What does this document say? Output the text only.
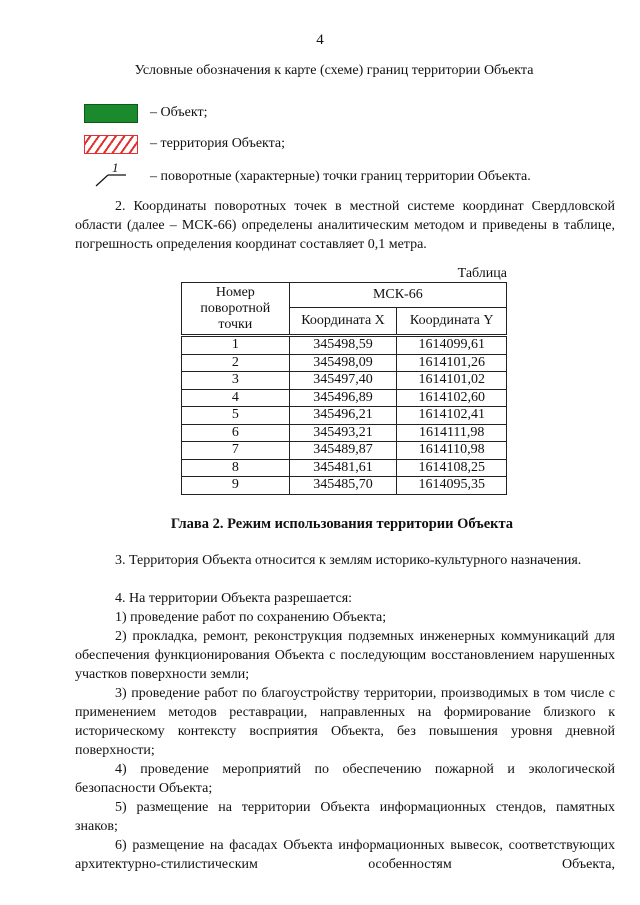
4
Условные обозначения к карте (схеме) границ территории Объекта
– Объект;
– территория Объекта;
1
– поворотные (характерные) точки границ территории Объекта.
2. Координаты поворотных точек в местной системе координат Свердловской области (далее – МСК-66) определены аналитическим методом и приведены в таблице, погрешность определения координат составляет 0,1 метра.
Таблица
Номер поворотной точки	МСК-66	
	Координата X	Координата Y
1	345498,59	1614099,61
2	345498,09	1614101,26
3	345497,40	1614101,02
4	345496,89	1614102,60
5	345496,21	1614102,41
6	345493,21	1614111,98
7	345489,87	1614110,98
8	345481,61	1614108,25
9	345485,70	1614095,35
Глава 2. Режим использования территории Объекта
3. Территория Объекта относится к землям историко-культурного назначения.
4. На территории Объекта разрешается:
1) проведение работ по сохранению Объекта;
2) прокладка, ремонт, реконструкция подземных инженерных коммуникаций для обеспечения функционирования Объекта с последующим восстановлением нарушенных участков поверхности земли;
3) проведение работ по благоустройству территории, производимых в том числе с применением методов реставрации, направленных на формирование близкого к историческому контексту восприятия Объекта, без повышения уровня дневной поверхности;
4) проведение мероприятий по обеспечению пожарной и экологической безопасности Объекта;
5) размещение на территории Объекта информационных стендов, памятных знаков;
6) размещение на фасадах Объекта информационных вывесок, соответствующих архитектурно-стилистическим особенностям Объекта,
